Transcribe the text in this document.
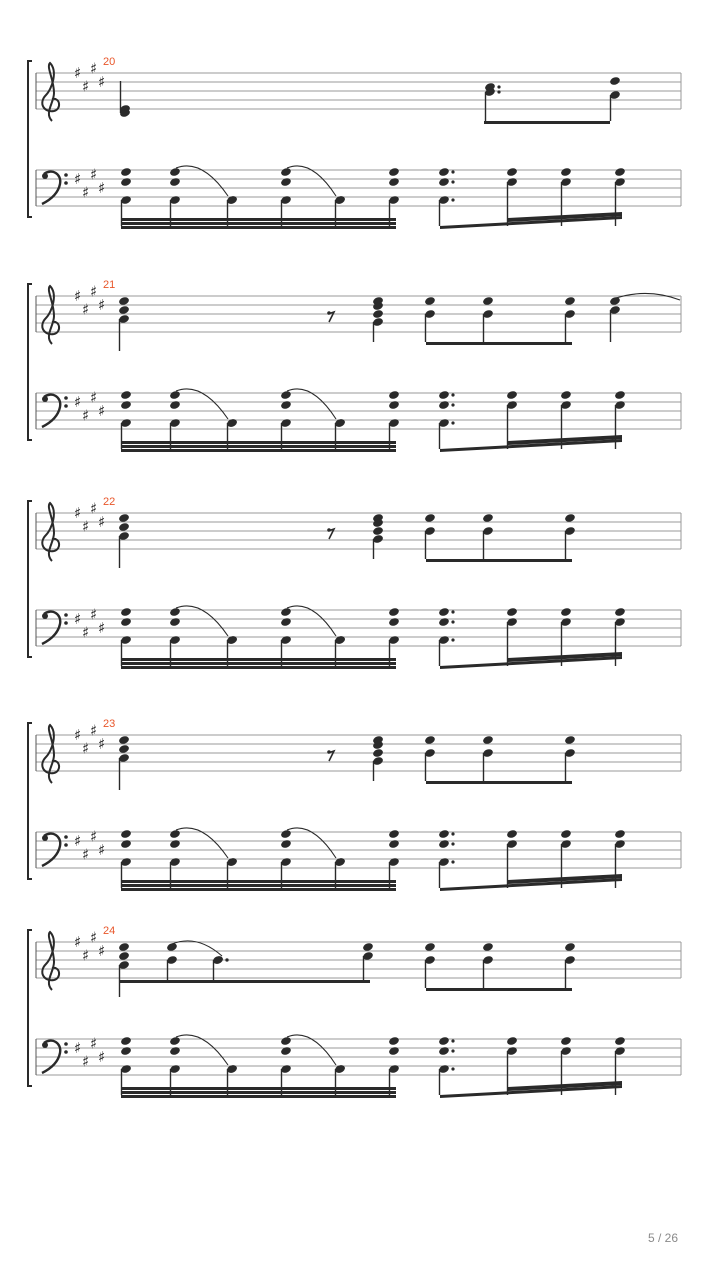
♯
♯
♯
♯
♯
♯
♯
♯
20
♯
♯
♯
♯
♯
♯
♯
♯
21
♯
♯
♯
♯
♯
♯
♯
♯
22
♯
♯
♯
♯
♯
♯
♯
♯
23
♯
♯
♯
♯
♯
♯
♯
♯
24
5 / 26
